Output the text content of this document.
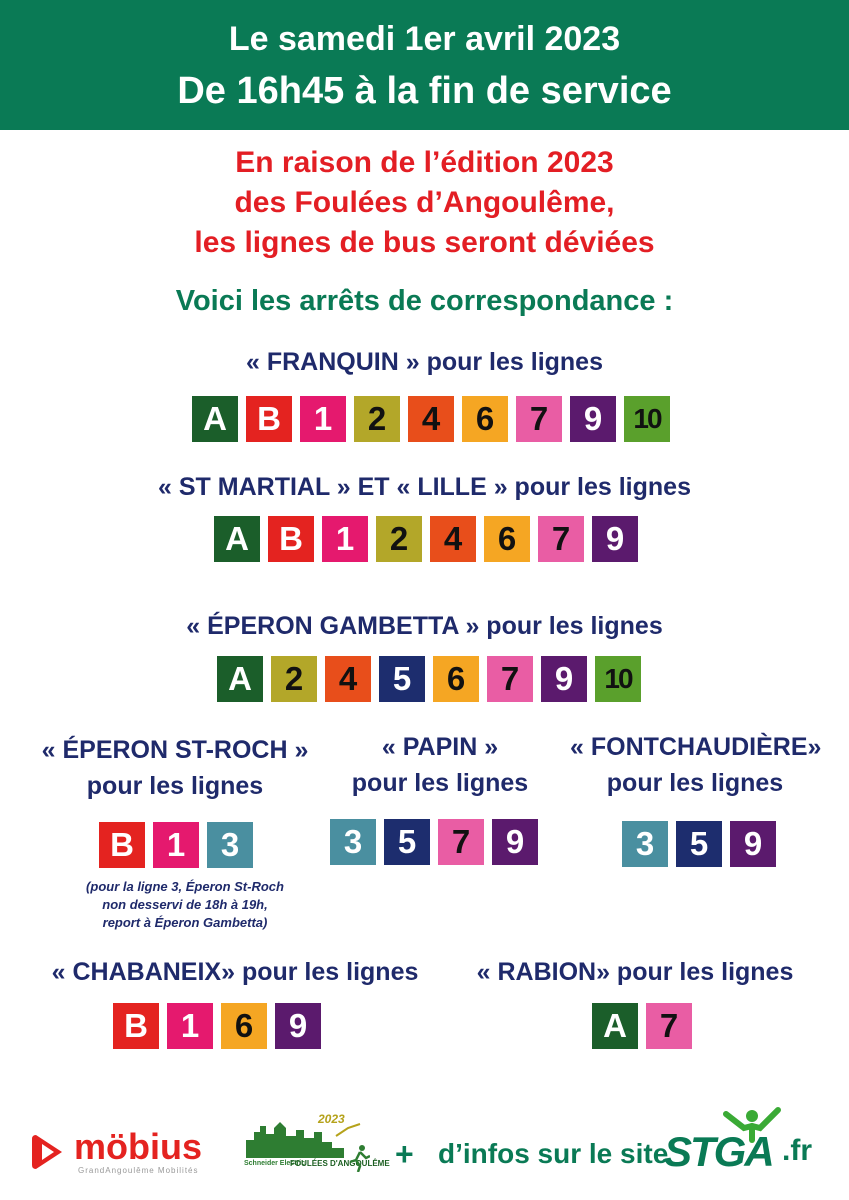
Le samedi 1er avril 2023
De 16h45 à la fin de service
En raison de l’édition 2023
des Foulées d’Angoulême,
les lignes de bus seront déviées
Voici les arrêts de correspondance :
« FRANQUIN » pour les lignes
A B 1	2	4	6	7	9	10
« ST MARTIAL » ET « LILLE » pour les lignes
A B 1	2	4	6	7	9
« ÉPERON GAMBETTA » pour les lignes
A 2	4	5	6	7	9	10
« ÉPERON ST-ROCH »
pour les lignes
B 1	3
(pour la ligne 3, Éperon St-Roch
non desservi de 18h à 19h,
report à Éperon Gambetta)
« PAPIN »
pour les lignes
3	5	7	9
« FONTCHAUDIÈRE»
pour les lignes
3	5	9
« CHABANEIX» pour les lignes
B 1	6	9
« RABION» pour les lignes
A 7
möbius
GrandAngoulême Mobilités
2023
Schneider Electric
FOULÉES D'ANGOULÊME + d’infos sur le site
STGA .fr
